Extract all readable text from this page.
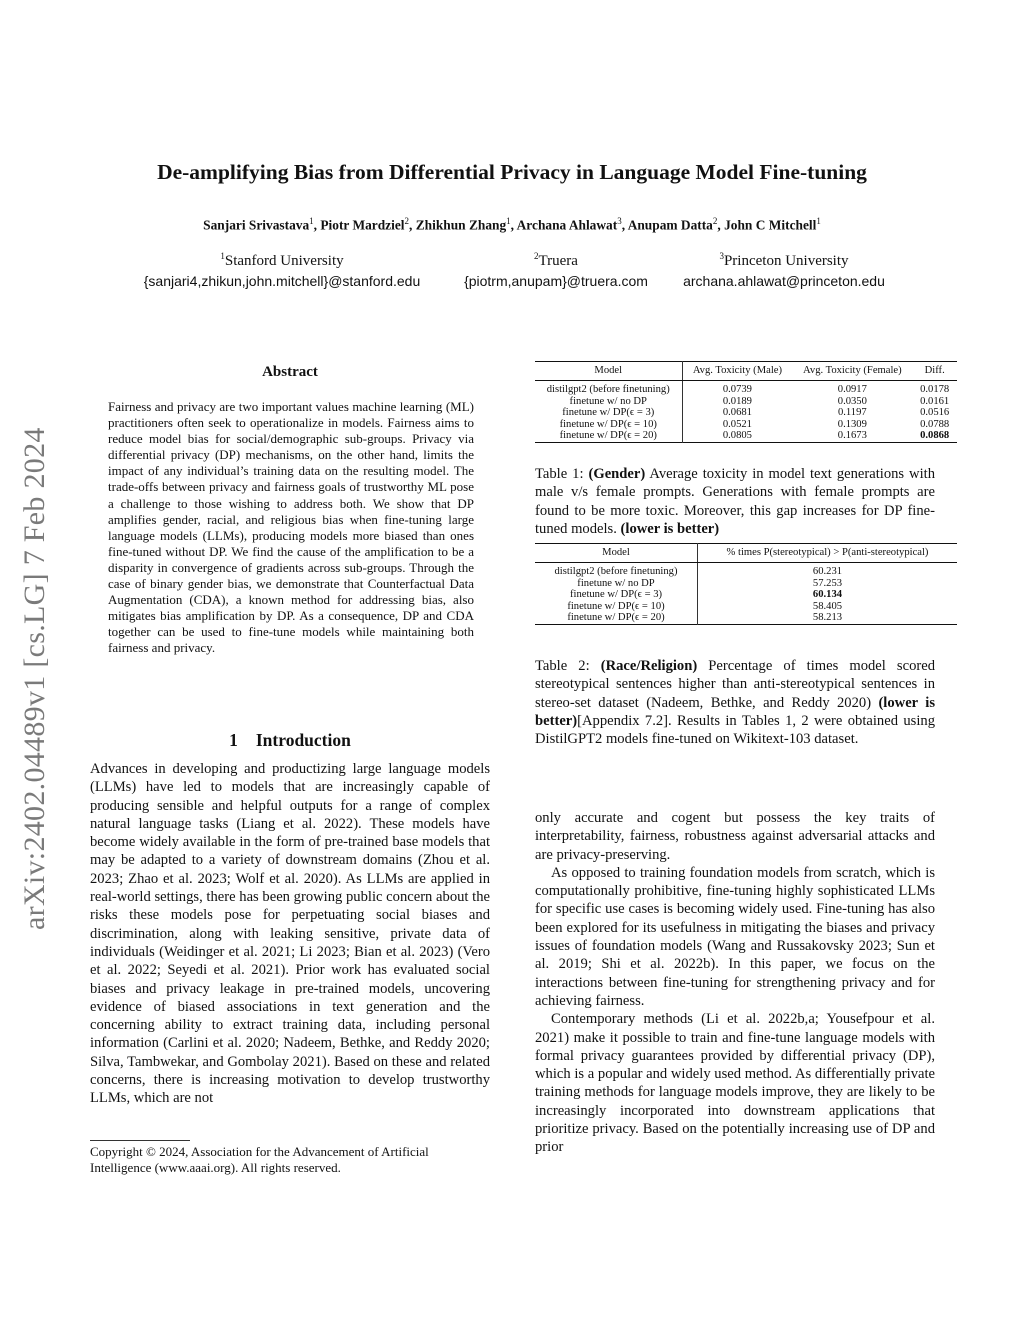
De-amplifying Bias from Differential Privacy in Language Model Fine-tuning
Sanjari Srivastava$^1$, Piotr Mardziel$^2$, Zhikhun Zhang$^1$, Archana Ahlawat$^3$, Anupam Datta$^2$, John C Mitchell$^1$
$^1$Stanford University
{sanjari4,zhikun,john.mitchell}@stanford.edu
$^2$Truera
{piotrm,anupam}@truera.com
$^3$Princeton University
archana.ahlawat@princeton.edu
arXiv:2402.04489v1 [cs.LG] 7 Feb 2024
Abstract

Fairness and privacy are two important values machine learning (ML) practitioners often seek to operationalize in models. Fairness aims to reduce model bias for social/demographic sub-groups. Privacy via differential privacy (DP) mechanisms, on the other hand, limits the impact of any individual’s training data on the resulting model. The trade-offs between privacy and fairness goals of trustworthy ML pose a challenge to those wishing to address both. We show that DP amplifies gender, racial, and religious bias when fine-tuning large language models (LLMs), producing models more biased than ones fine-tuned without DP. We find the cause of the amplification to be a disparity in convergence of gradients across sub-groups. Through the case of binary gender bias, we demonstrate that Counterfactual Data Augmentation (CDA), a known method for addressing bias, also mitigates bias amplification by DP. As a consequence, DP and CDA together can be used to fine-tune models while maintaining both fairness and privacy.

1 Introduction

Advances in developing and productizing large language models (LLMs) have led to models that are increasingly capable of producing sensible and helpful outputs for a range of complex natural language tasks (Liang et al. 2022). These models have become widely available in the form of pre-trained base models that may be adapted to a variety of downstream domains (Zhou et al. 2023; Zhao et al. 2023; Wolf et al. 2020). As LLMs are applied in real-world settings, there has been growing public concern about the risks these models pose for perpetuating social biases and discrimination, along with leaking sensitive, private data of individuals (Weidinger et al. 2021; Li 2023; Bian et al. 2023) (Vero et al. 2022; Seyedi et al. 2021). Prior work has evaluated social biases and privacy leakage in pre-trained models, uncovering evidence of biased associations in text generation and the concerning ability to extract training data, including personal information (Carlini et al. 2020; Nadeem, Bethke, and Reddy 2020; Silva, Tambwekar, and Gombolay 2021). Based on these and related concerns, there is increasing motivation to develop trustworthy LLMs, which are not

Copyright © 2024, Association for the Advancement of Artificial Intelligence (www.aaai.org). All rights reserved.

Model	Avg. Toxicity (Male)	Avg. Toxicity (Female)	Diff.
distilgpt2 (before finetuning)	0.0739	0.0917	0.0178
finetune w/ no DP	0.0189	0.0350	0.0161
finetune w/ DP(ϵ = 3)	0.0681	0.1197	0.0516
finetune w/ DP(ϵ = 10)	0.0521	0.1309	0.0788
finetune w/ DP(ϵ = 20)	0.0805	0.1673	0.0868

Table 1: (Gender) Average toxicity in model text generations with male v/s female prompts. Generations with female prompts are found to be more toxic. Moreover, this gap increases for DP fine-tuned models. (lower is better)

Model	% times P(stereotypical) > P(anti-stereotypical)
distilgpt2 (before finetuning)	60.231
finetune w/ no DP	57.253
finetune w/ DP(ϵ = 3)	60.134
finetune w/ DP(ϵ = 10)	58.405
finetune w/ DP(ϵ = 20)	58.213

Table 2: (Race/Religion) Percentage of times model scored stereotypical sentences higher than anti-stereotypical sentences in stereo-set dataset (Nadeem, Bethke, and Reddy 2020) (lower is better)[Appendix 7.2]. Results in Tables 1, 2 were obtained using DistilGPT2 models fine-tuned on Wikitext-103 dataset.

only accurate and cogent but possess the key traits of interpretability, fairness, robustness against adversarial attacks and are privacy-preserving.

As opposed to training foundation models from scratch, which is computationally prohibitive, fine-tuning highly sophisticated LLMs for specific use cases is becoming widely used. Fine-tuning has also been explored for its usefulness in mitigating the biases and privacy issues of foundation models (Wang and Russakovsky 2023; Sun et al. 2019; Shi et al. 2022b). In this paper, we focus on the interactions between fine-tuning for strengthening privacy and for achieving fairness.

Contemporary methods (Li et al. 2022b,a; Yousefpour et al. 2021) make it possible to train and fine-tune language models with formal privacy guarantees provided by differential privacy (DP), which is a popular and widely used method. As differentially private training methods for language models improve, they are likely to be increasingly incorporated into downstream applications that prioritize privacy. Based on the potentially increasing use of DP and prior
